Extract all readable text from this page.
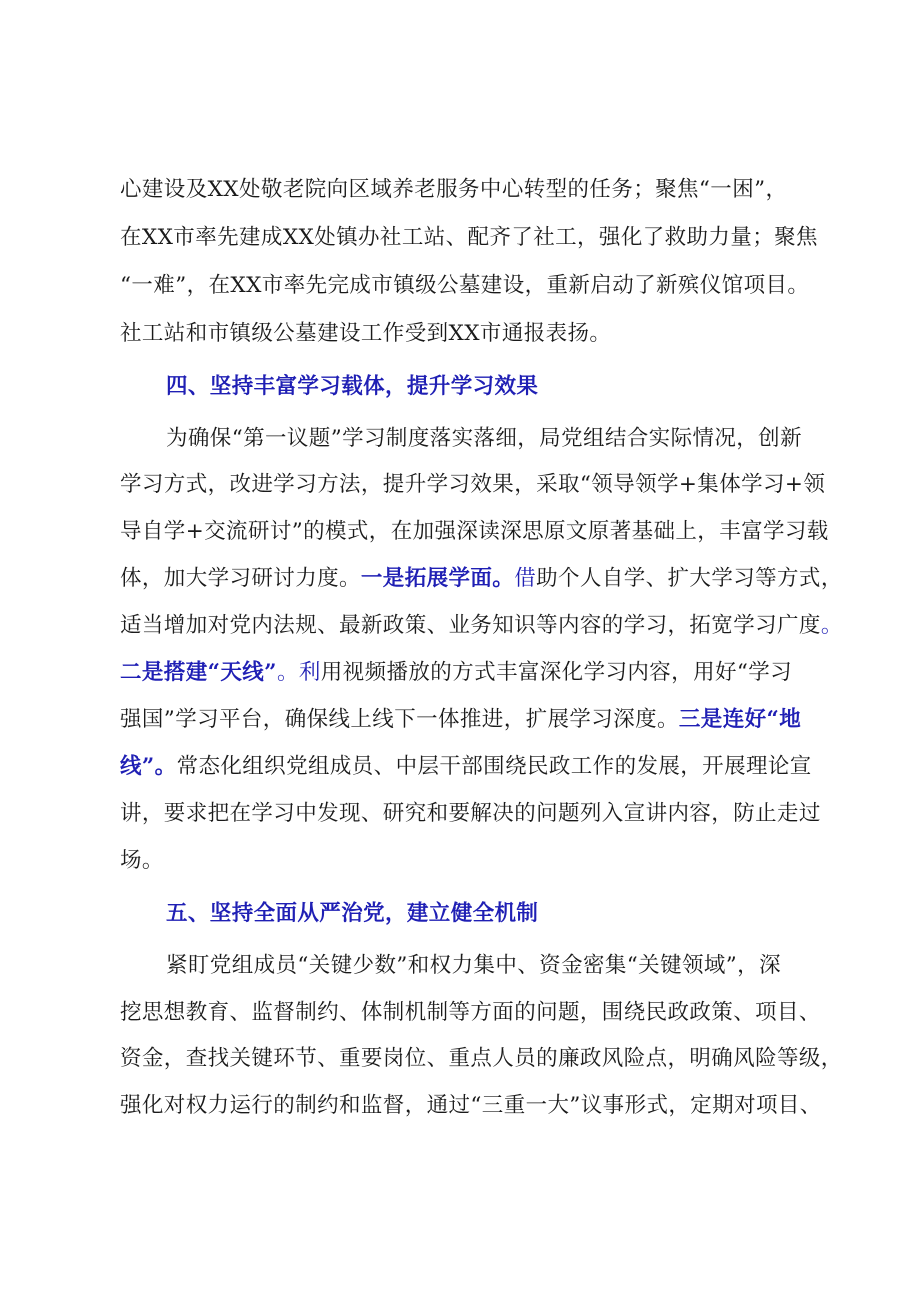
心建设及XX处敬老院向区域养老服务中心转型的任务；聚焦“一困”，
在XX市率先建成XX处镇办社工站、配齐了社工，强化了救助力量；聚焦
“一难”，在XX市率先完成市镇级公墓建设，重新启动了新殡仪馆项目。
社工站和市镇级公墓建设工作受到XX市通报表扬。
四、坚持丰富学习载体，提升学习效果
为确保“第一议题”学习制度落实落细，局党组结合实际情况，创新
学习方式，改进学习方法，提升学习效果，采取“领导领学+集体学习+领
导自学+交流研讨”的模式，在加强深读深思原文原著基础上，丰富学习载
体，加大学习研讨力度。一是拓展学面。借助个人自学、扩大学习等方式，
适当增加对党内法规、最新政策、业务知识等内容的学习，拓宽学习广度。
二是搭建“天线”。利用视频播放的方式丰富深化学习内容，用好“学习
强国”学习平台，确保线上线下一体推进，扩展学习深度。三是连好“地
线”。常态化组织党组成员、中层干部围绕民政工作的发展，开展理论宣
讲，要求把在学习中发现、研究和要解决的问题列入宣讲内容，防止走过
场。
五、坚持全面从严治党，建立健全机制
紧盯党组成员“关键少数”和权力集中、资金密集“关键领域”，深
挖思想教育、监督制约、体制机制等方面的问题，围绕民政政策、项目、
资金，查找关键环节、重要岗位、重点人员的廉政风险点，明确风险等级，
强化对权力运行的制约和监督，通过“三重一大”议事形式，定期对项目、
